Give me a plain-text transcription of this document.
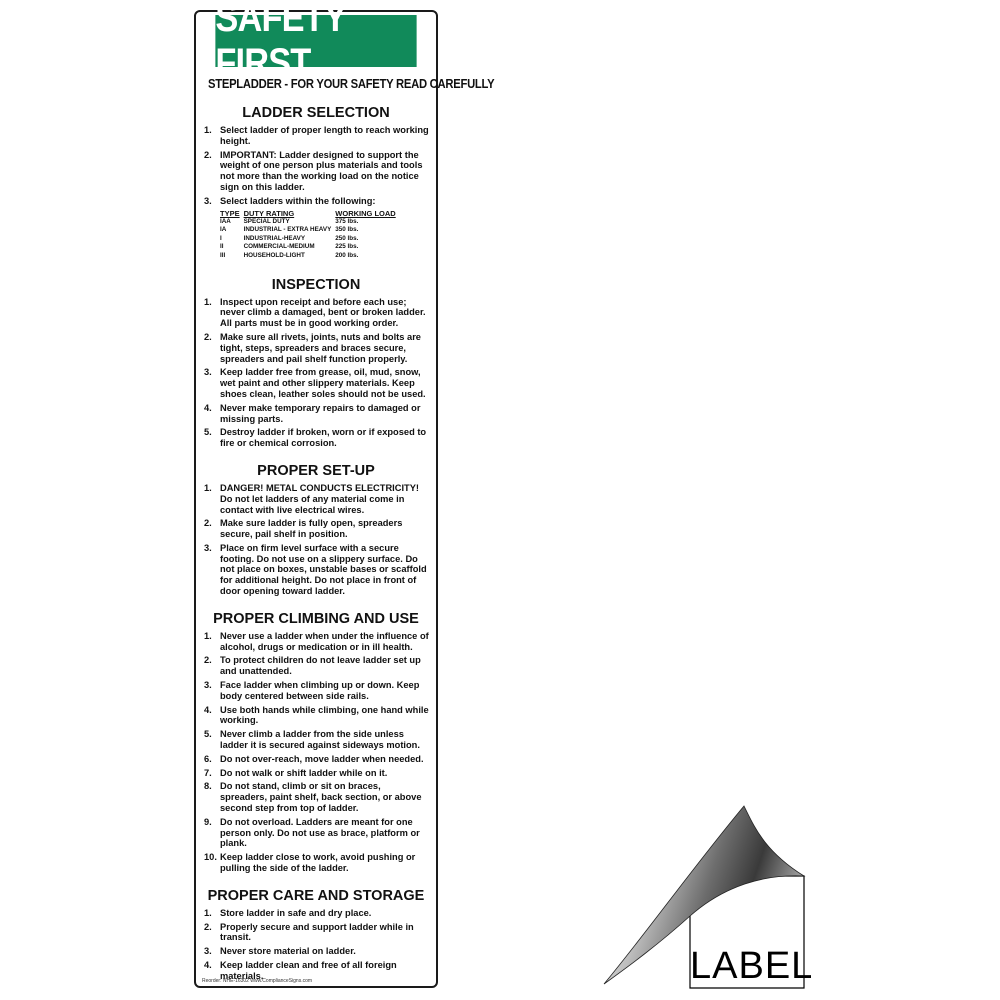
SAFETY FIRST
STEPLADDER - FOR YOUR SAFETY READ CAREFULLY
LADDER SELECTION
1. Select ladder of proper length to reach working height.
2. IMPORTANT: Ladder designed to support the weight of one person plus materials and tools not more than the working load on the notice sign on this ladder.
3. Select ladders within the following:
TYPE	DUTY RATING	WORKING LOAD
IAA	SPECIAL DUTY	375 lbs.
IA	INDUSTRIAL - EXTRA HEAVY	350 lbs.
I	INDUSTRIAL-HEAVY	250 lbs.
II	COMMERCIAL-MEDIUM	225 lbs.
III	HOUSEHOLD-LIGHT	200 lbs.
INSPECTION
1. Inspect upon receipt and before each use; never climb a damaged, bent or broken ladder. All parts must be in good working order.
2. Make sure all rivets, joints, nuts and bolts are tight, steps, spreaders and braces secure, spreaders and pail shelf function properly.
3. Keep ladder free from grease, oil, mud, snow, wet paint and other slippery materials. Keep shoes clean, leather soles should not be used.
4. Never make temporary repairs to damaged or missing parts.
5. Destroy ladder if broken, worn or if exposed to fire or chemical corrosion.
PROPER SET-UP
1. DANGER! METAL CONDUCTS ELECTRICITY! Do not let ladders of any material come in contact with live electrical wires.
2. Make sure ladder is fully open, spreaders secure, pail shelf in position.
3. Place on firm level surface with a secure footing. Do not use on a slippery surface. Do not place on boxes, unstable bases or scaffold for additional height. Do not place in front of door opening toward ladder.
PROPER CLIMBING AND USE
1. Never use a ladder when under the influence of alcohol, drugs or medication or in ill health.
2. To protect children do not leave ladder set up and unattended.
3. Face ladder when climbing up or down. Keep body centered between side rails.
4. Use both hands while climbing, one hand while working.
5. Never climb a ladder from the side unless ladder it is secured against sideways motion.
6. Do not over-reach, move ladder when needed.
7. Do not walk or shift ladder while on it.
8. Do not stand, climb or sit on braces, spreaders, paint shelf, back section, or above second step from top of ladder.
9. Do not overload. Ladders are meant for one person only. Do not use as brace, platform or plank.
10. Keep ladder close to work, avoid pushing or pulling the side of the ladder.
PROPER CARE AND STORAGE
1. Store ladder in safe and dry place.
2. Properly secure and support ladder while in transit.
3. Never store material on ladder.
4. Keep ladder clean and free of all foreign materials.
Reorder: NHE-16302 www.ComplianceSigns.com	LABEL
